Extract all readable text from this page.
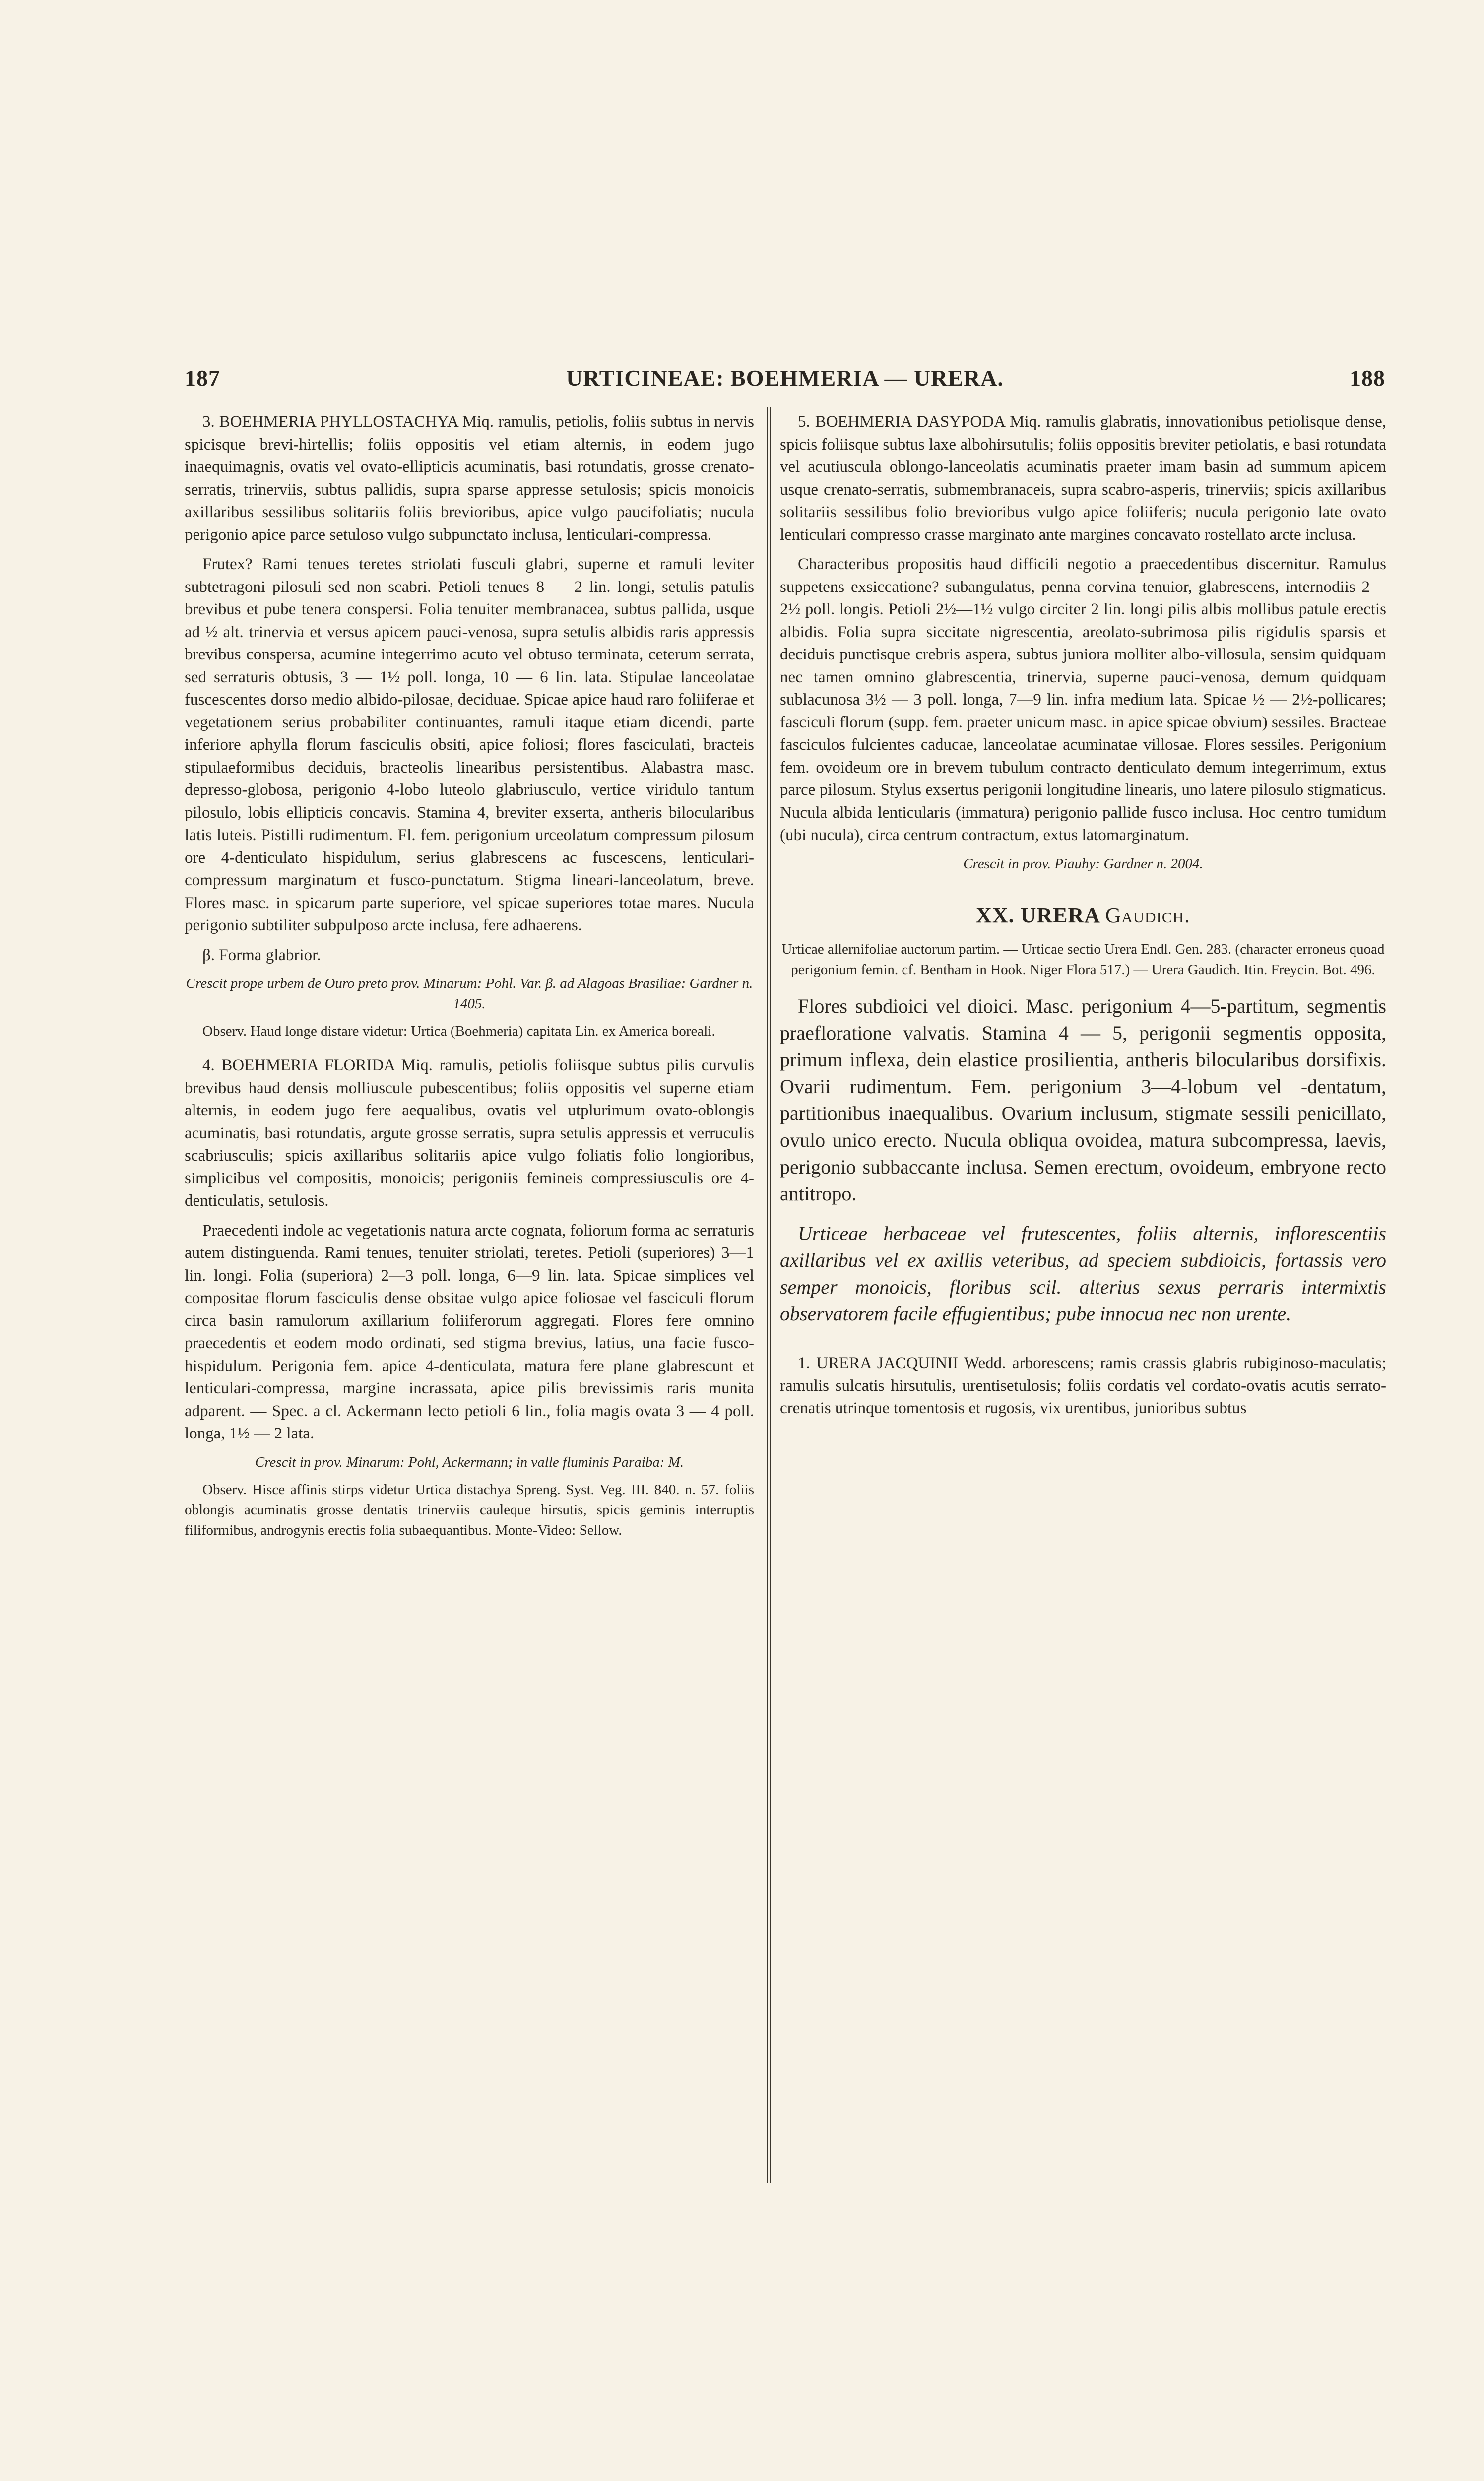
187	URTICINEAE: BOEHMERIA — URERA.	188

3. BOEHMERIA PHYLLOSTACHYA Miq. ramulis, petiolis, foliis subtus in nervis spicisque brevi-hirtellis; foliis oppositis vel etiam alternis, in eodem jugo inaequimagnis, ovatis vel ovato-ellipticis acuminatis, basi rotundatis, grosse crenato-serratis, trinerviis, subtus pallidis, supra sparse appresse setulosis; spicis monoicis axillaribus sessilibus solitariis foliis brevioribus, apice vulgo paucifoliatis; nucula perigonio apice parce setuloso vulgo subpunctato inclusa, lenticulari-compressa.

Frutex? Rami tenues teretes striolati fusculi glabri, superne et ramuli leviter subtetragoni pilosuli sed non scabri. Petioli tenues 8 — 2 lin. longi, setulis patulis brevibus et pube tenera conspersi. Folia tenuiter membranacea, subtus pallida, usque ad ½ alt. trinervia et versus apicem pauci-venosa, supra setulis albidis raris appressis brevibus conspersa, acumine integerrimo acuto vel obtuso terminata, ceterum serrata, sed serraturis obtusis, 3 — 1½ poll. longa, 10 — 6 lin. lata. Stipulae lanceolatae fuscescentes dorso medio albido-pilosae, deciduae. Spicae apice haud raro foliiferae et vegetationem serius probabiliter continuantes, ramuli itaque etiam dicendi, parte inferiore aphylla florum fasciculis obsiti, apice foliosi; flores fasciculati, bracteis stipulaeformibus deciduis, bracteolis linearibus persistentibus. Alabastra masc. depresso-globosa, perigonio 4-lobo luteolo glabriusculo, vertice viridulo tantum pilosulo, lobis ellipticis concavis. Stamina 4, breviter exserta, antheris bilocularibus latis luteis. Pistilli rudimentum. Fl. fem. perigonium urceolatum compressum pilosum ore 4-denticulato hispidulum, serius glabrescens ac fuscescens, lenticulari-compressum marginatum et fusco-punctatum. Stigma lineari-lanceolatum, breve. Flores masc. in spicarum parte superiore, vel spicae superiores totae mares. Nucula perigonio subtiliter subpulposo arcte inclusa, fere adhaerens.

β. Forma glabrior.

Crescit prope urbem de Ouro preto prov. Minarum: Pohl. Var. β. ad Alagoas Brasiliae: Gardner n. 1405.

Observ. Haud longe distare videtur: Urtica (Boehmeria) capitata Lin. ex America boreali.

4. BOEHMERIA FLORIDA Miq. ramulis, petiolis foliisque subtus pilis curvulis brevibus haud densis molliuscule pubescentibus; foliis oppositis vel superne etiam alternis, in eodem jugo fere aequalibus, ovatis vel utplurimum ovato-oblongis acuminatis, basi rotundatis, argute grosse serratis, supra setulis appressis et verruculis scabriusculis; spicis axillaribus solitariis apice vulgo foliatis folio longioribus, simplicibus vel compositis, monoicis; perigoniis femineis compressiusculis ore 4-denticulatis, setulosis.

Praecedenti indole ac vegetationis natura arcte cognata, foliorum forma ac serraturis autem distinguenda. Rami tenues, tenuiter striolati, teretes. Petioli (superiores) 3—1 lin. longi. Folia (superiora) 2—3 poll. longa, 6—9 lin. lata. Spicae simplices vel compositae florum fasciculis dense obsitae vulgo apice foliosae vel fasciculi florum circa basin ramulorum axillarium foliiferorum aggregati. Flores fere omnino praecedentis et eodem modo ordinati, sed stigma brevius, latius, una facie fusco-hispidulum. Perigonia fem. apice 4-denticulata, matura fere plane glabrescunt et lenticulari-compressa, margine incrassata, apice pilis brevissimis raris munita adparent. — Spec. a cl. Ackermann lecto petioli 6 lin., folia magis ovata 3 — 4 poll. longa, 1½ — 2 lata.

Crescit in prov. Minarum: Pohl, Ackermann; in valle fluminis Paraiba: M.

Observ. Hisce affinis stirps videtur Urtica distachya Spreng. Syst. Veg. III. 840. n. 57. foliis oblongis acuminatis grosse dentatis trinerviis cauleque hirsutis, spicis geminis interruptis filiformibus, androgynis erectis folia subaequantibus. Monte-Video: Sellow.

5. BOEHMERIA DASYPODA Miq. ramulis glabratis, innovationibus petiolisque dense, spicis foliisque subtus laxe albohirsutulis; foliis oppositis breviter petiolatis, e basi rotundata vel acutiuscula oblongo-lanceolatis acuminatis praeter imam basin ad summum apicem usque crenato-serratis, submembranaceis, supra scabro-asperis, trinerviis; spicis axillaribus solitariis sessilibus folio brevioribus vulgo apice foliiferis; nucula perigonio late ovato lenticulari compresso crasse marginato ante margines concavato rostellato arcte inclusa.

Characteribus propositis haud difficili negotio a praecedentibus discernitur. Ramulus suppetens exsiccatione? subangulatus, penna corvina tenuior, glabrescens, internodiis 2—2½ poll. longis. Petioli 2½—1½ vulgo circiter 2 lin. longi pilis albis mollibus patule erectis albidis. Folia supra siccitate nigrescentia, areolato-subrimosa pilis rigidulis sparsis et deciduis punctisque crebris aspera, subtus juniora molliter albo-villosula, sensim quidquam nec tamen omnino glabrescentia, trinervia, superne pauci-venosa, demum quidquam sublacunosa 3½ — 3 poll. longa, 7—9 lin. infra medium lata. Spicae ½ — 2½-pollicares; fasciculi florum (supp. fem. praeter unicum masc. in apice spicae obvium) sessiles. Bracteae fasciculos fulcientes caducae, lanceolatae acuminatae villosae. Flores sessiles. Perigonium fem. ovoideum ore in brevem tubulum contracto denticulato demum integerrimum, extus parce pilosum. Stylus exsertus perigonii longitudine linearis, uno latere pilosulo stigmaticus. Nucula albida lenticularis (immatura) perigonio pallide fusco inclusa. Hoc centro tumidum (ubi nucula), circa centrum contractum, extus latomarginatum.

Crescit in prov. Piauhy: Gardner n. 2004.

XX. URERA Gaudich.

Urticae allernifoliae auctorum partim. — Urticae sectio Urera Endl. Gen. 283. (character erroneus quoad perigonium femin. cf. Bentham in Hook. Niger Flora 517.) — Urera Gaudich. Itin. Freycin. Bot. 496.

Flores subdioici vel dioici. Masc. perigonium 4—5-partitum, segmentis praefloratione valvatis. Stamina 4 — 5, perigonii segmentis opposita, primum inflexa, dein elastice prosilientia, antheris bilocularibus dorsifixis. Ovarii rudimentum. Fem. perigonium 3—4-lobum vel -dentatum, partitionibus inaequalibus. Ovarium inclusum, stigmate sessili penicillato, ovulo unico erecto. Nucula obliqua ovoidea, matura subcompressa, laevis, perigonio subbaccante inclusa. Semen erectum, ovoideum, embryone recto antitropo.

Urticeae herbaceae vel frutescentes, foliis alternis, inflorescentiis axillaribus vel ex axillis veteribus, ad speciem subdioicis, fortassis vero semper monoicis, floribus scil. alterius sexus perraris intermixtis observatorem facile effugientibus; pube innocua nec non urente.

1. URERA JACQUINII Wedd. arborescens; ramis crassis glabris rubiginoso-maculatis; ramulis sulcatis hirsutulis, urentisetulosis; foliis cordatis vel cordato-ovatis acutis serrato-crenatis utrinque tomentosis et rugosis, vix urentibus, junioribus subtus
